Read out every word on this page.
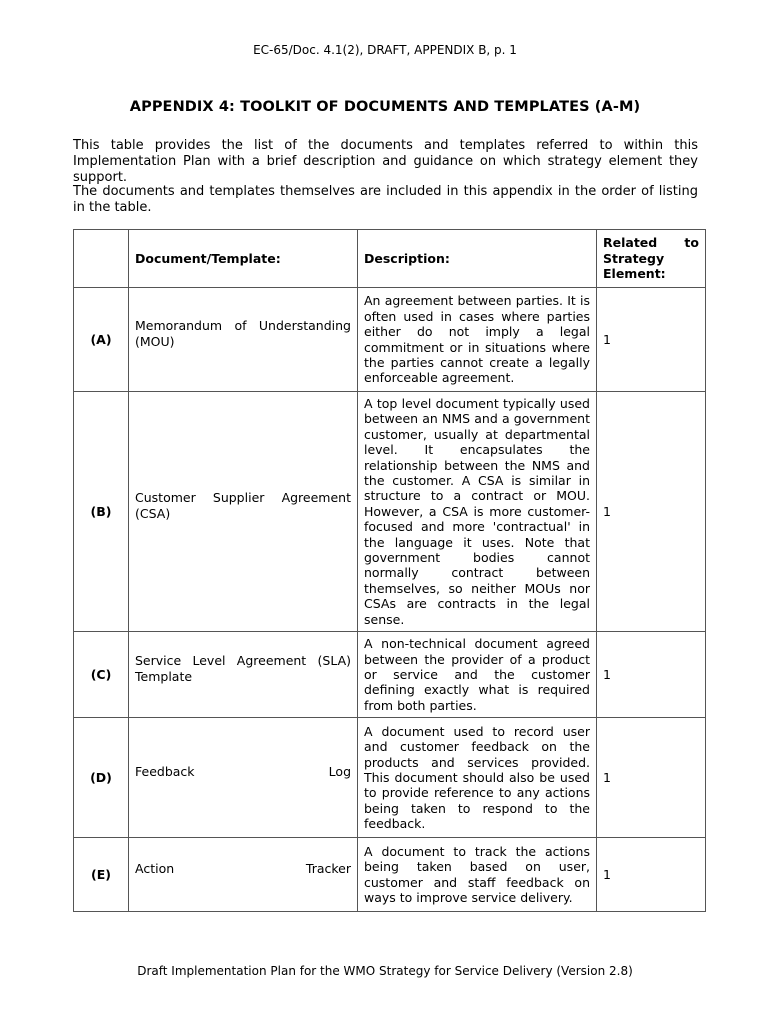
EC-65/Doc. 4.1(2), DRAFT, APPENDIX B, p. 1
APPENDIX 4: TOOLKIT OF DOCUMENTS AND TEMPLATES (A-M)
This table provides the list of the documents and templates referred to within this Implementation Plan with a brief description and guidance on which strategy element they support.
The documents and templates themselves are included in this appendix in the order of listing in the table.
	Document/Template:	Description:	Related to Strategy Element:
(A)	Memorandum of Understanding (MOU)	An agreement between parties. It is often used in cases where parties either do not imply a legal commitment or in situations where the parties cannot create a legally enforceable agreement.	1
(B)	Customer Supplier Agreement (CSA)	A top level document typically used between an NMS and a government customer, usually at departmental level. It encapsulates the relationship between the NMS and the customer. A CSA is similar in structure to a contract or MOU. However, a CSA is more customer-focused and more 'contractual' in the language it uses. Note that government bodies cannot normally contract between themselves, so neither MOUs nor CSAs are contracts in the legal sense.	1
(C)	Service Level Agreement (SLA) Template	A non-technical document agreed between the provider of a product or service and the customer defining exactly what is required from both parties.	1
(D)	Feedback Log	A document used to record user and customer feedback on the products and services provided. This document should also be used to provide reference to any actions being taken to respond to the feedback.	1
(E)	Action Tracker	A document to track the actions being taken based on user, customer and staff feedback on ways to improve service delivery.	1
Draft Implementation Plan for the WMO Strategy for Service Delivery (Version 2.8)
